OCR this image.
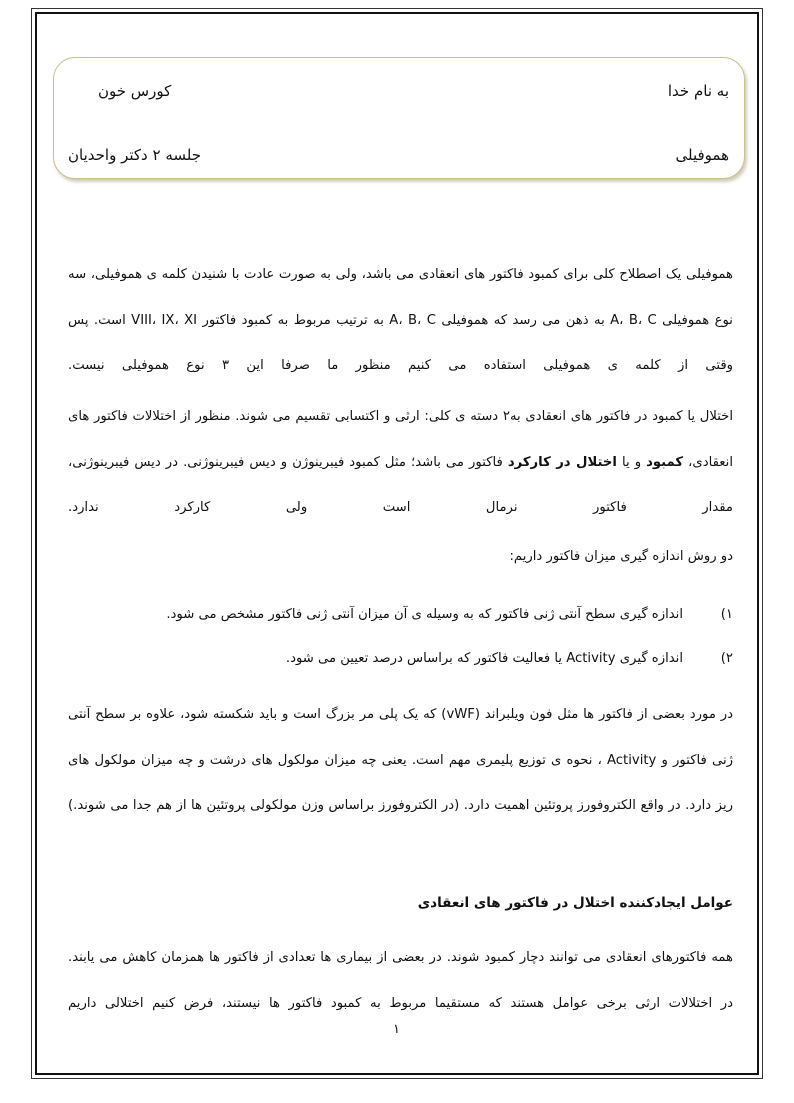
به نام خدا
کورس خون
هموفیلی
جلسه ۲ دکتر واحدیان

هموفیلی یک اصطلاح کلی برای کمبود فاکتور های انعقادی می باشد، ولی به صورت عادت با شنیدن کلمه ی هموفیلی، سه نوع هموفیلی A، B، C به ذهن می رسد که هموفیلی A، B، C به ترتیب مربوط به کمبود فاکتور VIII، IX، XI است. پس وقتی از کلمه ی هموفیلی استفاده می کنیم منظور ما صرفا این ۳ نوع هموفیلی نیست.

اختلال یا کمبود در فاکتور های انعقادی به۲ دسته ی کلی: ارثی و اکتسابی تقسیم می شوند. منظور از اختلالات فاکتور های انعقادی، کمبود و یا اختلال در کارکرد فاکتور می باشد؛ مثل کمبود فیبرینوژن و دیس فیبرینوژنی. در دیس فیبرینوژنی، مقدار فاکتور نرمال است ولی کارکرد ندارد.

دو روش اندازه گیری میزان فاکتور داریم:
۱)
اندازه گیری سطح آنتی ژنی فاکتور که به وسیله ی آن میزان آنتی ژنی فاکتور مشخص می شود.
۲)
اندازه گیری Activity یا فعالیت فاکتور که براساس درصد تعیین می شود.

در مورد بعضی از فاکتور ها مثل فون ویلبراند (vWF) که یک پلی مر بزرگ است و باید شکسته شود، علاوه بر سطح آنتی ژنی فاکتور و Activity ، نحوه ی توزیع پلیمری مهم است. یعنی چه میزان مولکول های درشت و چه میزان مولکول های ریز دارد. در واقع الکتروفورز پروتئین اهمیت دارد. (در الکتروفورز براساس وزن مولکولی پروتئین ها از هم جدا می شوند.)

عوامل ایجادکننده اختلال در فاکتور های انعقادی

همه فاکتورهای انعقادی می توانند دچار کمبود شوند. در بعضی از بیماری ها تعدادی از فاکتور ها همزمان کاهش می یابند. در اختلالات ارثی برخی عوامل هستند که مستقیما مربوط به کمبود فاکتور ها نیستند، فرض کنیم اختلالی داریم

۱
